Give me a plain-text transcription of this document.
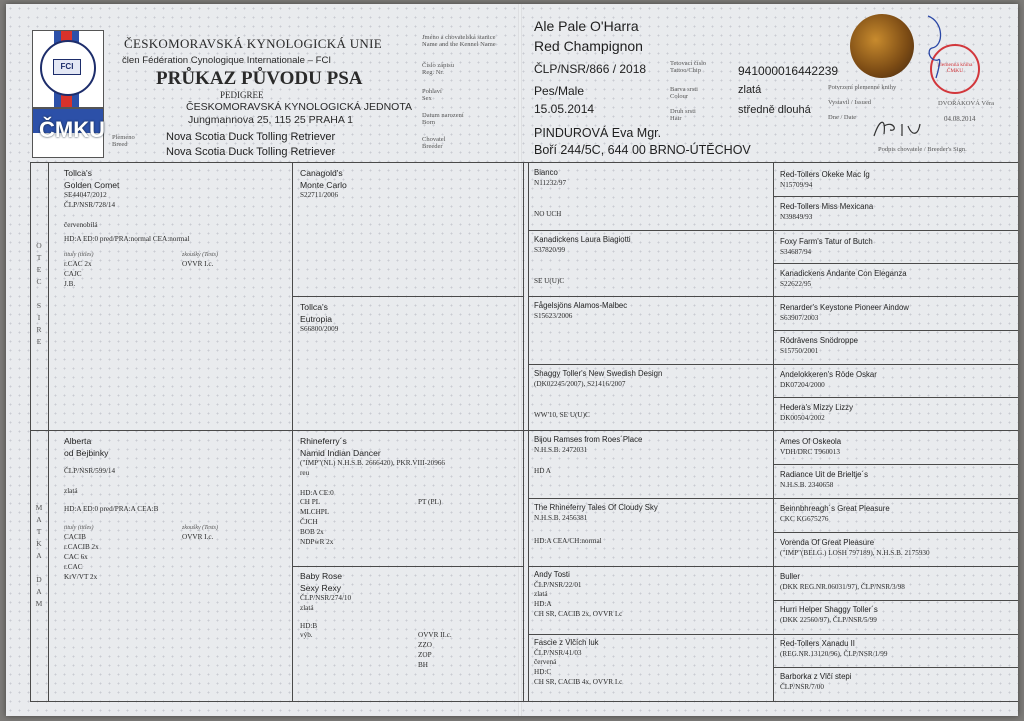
FCI
ČMKU
ČESKOMORAVSKÁ KYNOLOGICKÁ UNIE
člen Fédération Cynologique Internationale – FCI
PRŮKAZ PŮVODU PSA
PEDIGREE
ČESKOMORAVSKÁ KYNOLOGICKÁ JEDNOTA
Jungmannova 25, 115 25 PRAHA 1
Plemeno
Breed
Nova Scotia Duck Tolling Retriever
Nova Scotia Duck Tolling Retriever
Jméno a chovatelská stanice
Name and the Kennel Name
Číslo zápisu
Reg. Nr.
Pohlaví
Sex
Datum narození
Born
Chovatel
Breeder
Ale Pale O'Harra
Red Champignon
ČLP/NSR/866 / 2018
Pes/Male
15.05.2014
PINDUROVÁ Eva Mgr.
Boří 244/5C, 644 00 BRNO-ÚTĚCHOV
Tetovací číslo
Tattoo/Chip
Barva srsti
Colour
Druh srsti
Hair
941000016442239
zlatá
středně dlouhá
plemenná kniha ČMKU
Potvrzení plemenné knihy
Vystavil / Issued
Dne / Date
DVOŘÁKOVÁ Věra
04.08.2014
Podpis chovatele / Breeder's Sign.
O
T
E
C

S
I
R
E
M
A
T
K
A

D
A
M
Tollca's
Golden Comet
SE44047/2012
ČLP/NSR/728/14
červenobílá
HD:A ED:0 pred/PRA:normal CEA:normal
tituly (titles)	zkoušky (Tests)
r.CAC 2x	OVVR I.c.
CAJC
J.B.
Alberta
od Bejbinky
ČLP/NSR/599/14
zlatá
HD:A ED:0 pred/PRA:A CEA:B
tituly (titles)	zkoušky (Tests)
CACIB	OVVR I.c.
r.CACIB 2x
CAC 6x
r.CAC
KrV/VT 2x
Canagold's
Monte Carlo
S22711/2006
Tollca's
Eutropia
S66800/2009
Rhineferry´s
Namid Indian Dancer
("IMP"(NL) N.H.S.B. 2666420), PKR.VIII-20966
reu
HD:A CE:0
CH PL	PT (PL)
MLCHPL
ČJCH
BOB 2x
NDPwR 2x
Baby Rose
Sexy Rexy
ČLP/NSR/274/10
zlatá
HD:B
výb.	OVVR II.c.
ZZO
ZOP
BH
Bianco
N11232/97
NO UCH
Kanadickens Laura Biagiotti
S37820/99
SE U(U)C
Fågelsjöns Alamos-Malbec
S15623/2006
Shaggy Toller's New Swedish Design
(DK02245/2007), S21416/2007
WW'10, SE U(U)C
Bijou Ramses from Roes´Place
N.H.S.B. 2472031
HD A
The Rhineferry Tales Of Cloudy Sky
N.H.S.B. 2456381
HD:A CEA/CH:normal
Andy Tosti
ČLP/NSR/22/01
zlatá
HD:A
CH SR, CACIB 2x, OVVR I.c
Fascie z Vlčích luk
ČLP/NSR/41/03
červená
HD:C
CH SR, CACIB 4x, OVVR I.c
Red-Tollers Okeke Mac Ig
N15709/94
Red-Tollers Miss Mexicana
N39849/93
Foxy Farm's Tatur of Butch
S34687/94
Kanadickens Andante Con Eleganza
S22622/95
Renarder's Keystone Pioneer Aindow
S63907/2003
Rödrävens Snödroppe
S15750/2001
Andelokkeren's Röde Oskar
DK07204/2000
Hedera's Mizzy Lizzy
DK00504/2002
Ames Of Oskeola
VDH/DRC T960013
Radiance Uit de Brieltje´s
N.H.S.B. 2340658
Beinnbhreagh´s Great Pleasure
CKC KG675276
Vorenda Of Great Pleasure
("IMP"(BELG.) LOSH 797189), N.H.S.B. 2175930
Buller
(DKK REG.NR.06031/97), ČLP/NSR/3/98
Hurri Helper Shaggy Toller´s
(DKK 22560/97), ČLP/NSR/5/99
Red-Tollers Xanadu II
(REG.NR.13120/96), ČLP/NSR/1/99
Barborka z Vlčí stepi
ČLP/NSR/7/00
